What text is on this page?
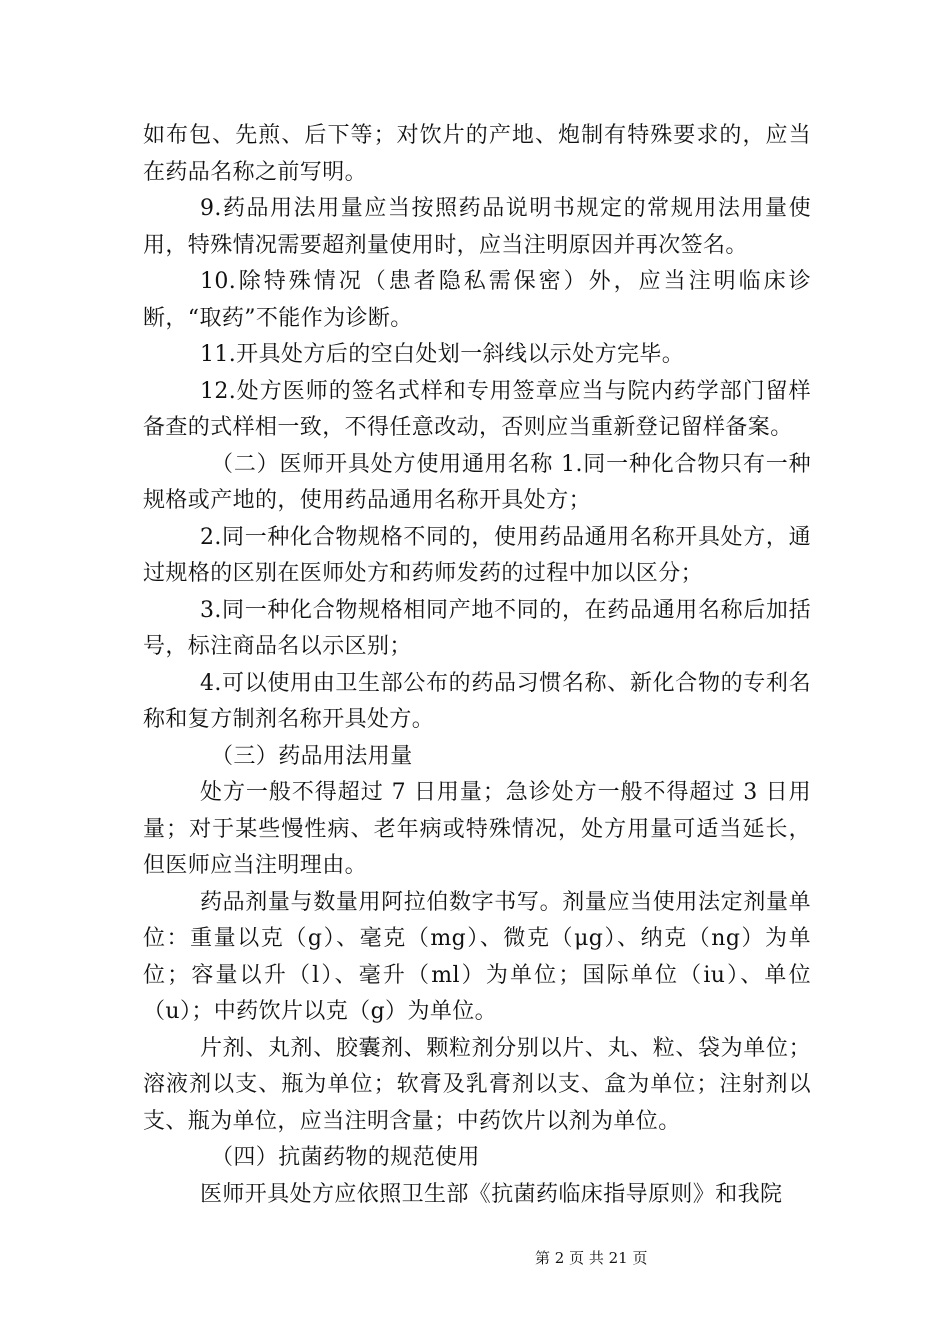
如布包、先煎、后下等；对饮片的产地、炮制有特殊要求的，应当在药品名称之前写明。

9.药品用法用量应当按照药品说明书规定的常规用法用量使用，特殊情况需要超剂量使用时，应当注明原因并再次签名。

10.除特殊情况（患者隐私需保密）外，应当注明临床诊断，“取药”不能作为诊断。

11.开具处方后的空白处划一斜线以示处方完毕。

12.处方医师的签名式样和专用签章应当与院内药学部门留样备查的式样相一致，不得任意改动，否则应当重新登记留样备案。

（二）医师开具处方使用通用名称 1.同一种化合物只有一种规格或产地的，使用药品通用名称开具处方；

2.同一种化合物规格不同的，使用药品通用名称开具处方，通过规格的区别在医师处方和药师发药的过程中加以区分；

3.同一种化合物规格相同产地不同的，在药品通用名称后加括号，标注商品名以示区别；

4.可以使用由卫生部公布的药品习惯名称、新化合物的专利名称和复方制剂名称开具处方。

（三）药品用法用量

处方一般不得超过 7 日用量；急诊处方一般不得超过 3 日用量；对于某些慢性病、老年病或特殊情况，处方用量可适当延长，但医师应当注明理由。

药品剂量与数量用阿拉伯数字书写。剂量应当使用法定剂量单位：重量以克（g）、毫克（mg）、微克（μg）、纳克（ng）为单位；容量以升（l）、毫升（ml）为单位；国际单位（iu）、单位（u）；中药饮片以克（g）为单位。

片剂、丸剂、胶囊剂、颗粒剂分别以片、丸、粒、袋为单位；溶液剂以支、瓶为单位；软膏及乳膏剂以支、盒为单位；注射剂以支、瓶为单位，应当注明含量；中药饮片以剂为单位。

（四）抗菌药物的规范使用

医师开具处方应依照卫生部《抗菌药临床指导原则》和我院

第 2 页 共 21 页
